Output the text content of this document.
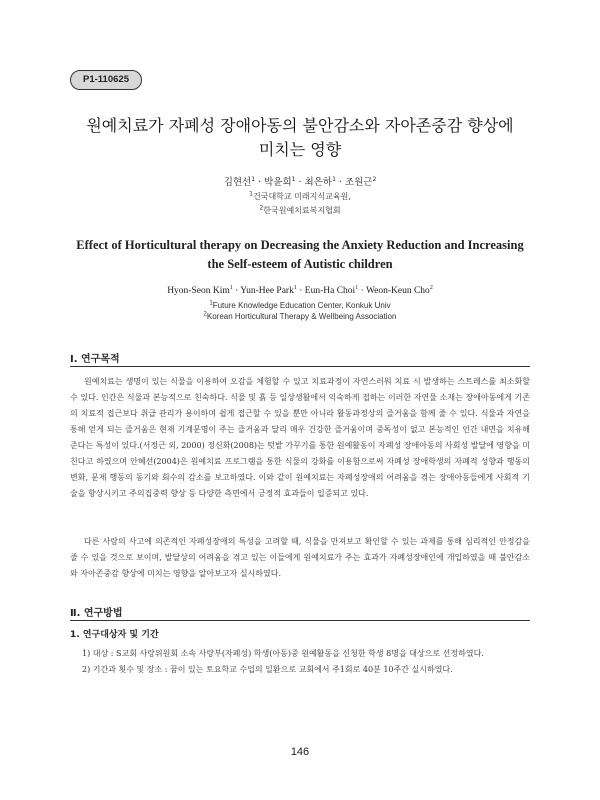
P1-110625
원예치료가 자폐성 장애아동의 불안감소와 자아존중감 향상에
미치는 영향
김현선$^1$ · 박윤희$^1$ · 최은하$^1$ · 조원근$^2$
$^1$건국대학교 미래지식교육원,
$^2$한국원예치료복지협회
Effect of Horticultural therapy on Decreasing the Anxiety Reduction and Increasing
the Self-esteem of Autistic children
Hyon-Seon Kim$^1$ · Yun-Hee Park$^1$ · Eun-Ha Choi$^1$ · Weon-Keun Cho$^2$
$^1$Future Knowledge Education Center, Konkuk Univ
$^2$Korean Horticultural Therapy & Wellbeing Association
Ⅰ. 연구목적

원예치료는 생명이 있는 식물을 이용하여 오감을 체험할 수 있고 치료과정이 자연스러워 치료 시 발생하는 스트레스를 최소화할 수 있다. 인간은 식물과 본능적으로 친숙하다. 식물 및 흙 등 일상생활에서 익숙하게 접하는 이러한 자연물 소재는 장애아동에게 기존의 치료적 접근보다 취급 관리가 용이하며 쉽게 접근할 수 있을 뿐만 아니라 활동과정상의 즐거움을 함께 줄 수 있다. 식물과 자연을 통해 얻게 되는 즐거움은 현재 기계문명이 주는 즐거움과 달리 매우 건강한 즐거움이며 중독성이 없고 본능적인 인간 내면을 치유해 준다는 특성이 있다.(서정근 외, 2000) 정신화(2008)는 텃밭 가꾸기를 통한 원예활동이 자폐성 장애아동의 사회성 발달에 영향을 미친다고 하였으며 안혜선(2004)은 원예치료 프로그램을 통한 식물의 강화를 이용함으로써 자폐성 장애학생의 자폐적 성향과 행동의 변화, 문제 행동의 동기와 회수의 감소를 보고하였다. 이와 같이 원예치료는 자폐성장애의 어려움을 겪는 장애아동들에게 사회적 기술을 향상시키고 주의집중력 향상 등 다양한 측면에서 긍정적 효과들이 입증되고 있다.

다른 사람의 사고에 의존적인 자폐성장애의 특성을 고려할 때, 식물을 만져보고 확인할 수 있는 과제를 통해 심리적인 안정감을 줄 수 있을 것으로 보이며, 발달상의 어려움을 겪고 있는 이들에게 원예치료가 주는 효과가 자폐성장애인에 개입하였을 때 불안감소와 자아존중감 향상에 미치는 영향을 알아보고자 실시하였다.

Ⅱ. 연구방법
1. 연구대상자 및 기간

1) 대상 : S교회 사랑위원회 소속 사랑부(자폐성) 학생(아동)중 원예활동을 신청한 학생 8명을 대상으로 선정하였다.

2) 기간과 횟수 및 장소 : 꿈이 있는 토요학교 수업의 일환으로 교회에서 주1회로 40분 10주간 실시하였다.

146
